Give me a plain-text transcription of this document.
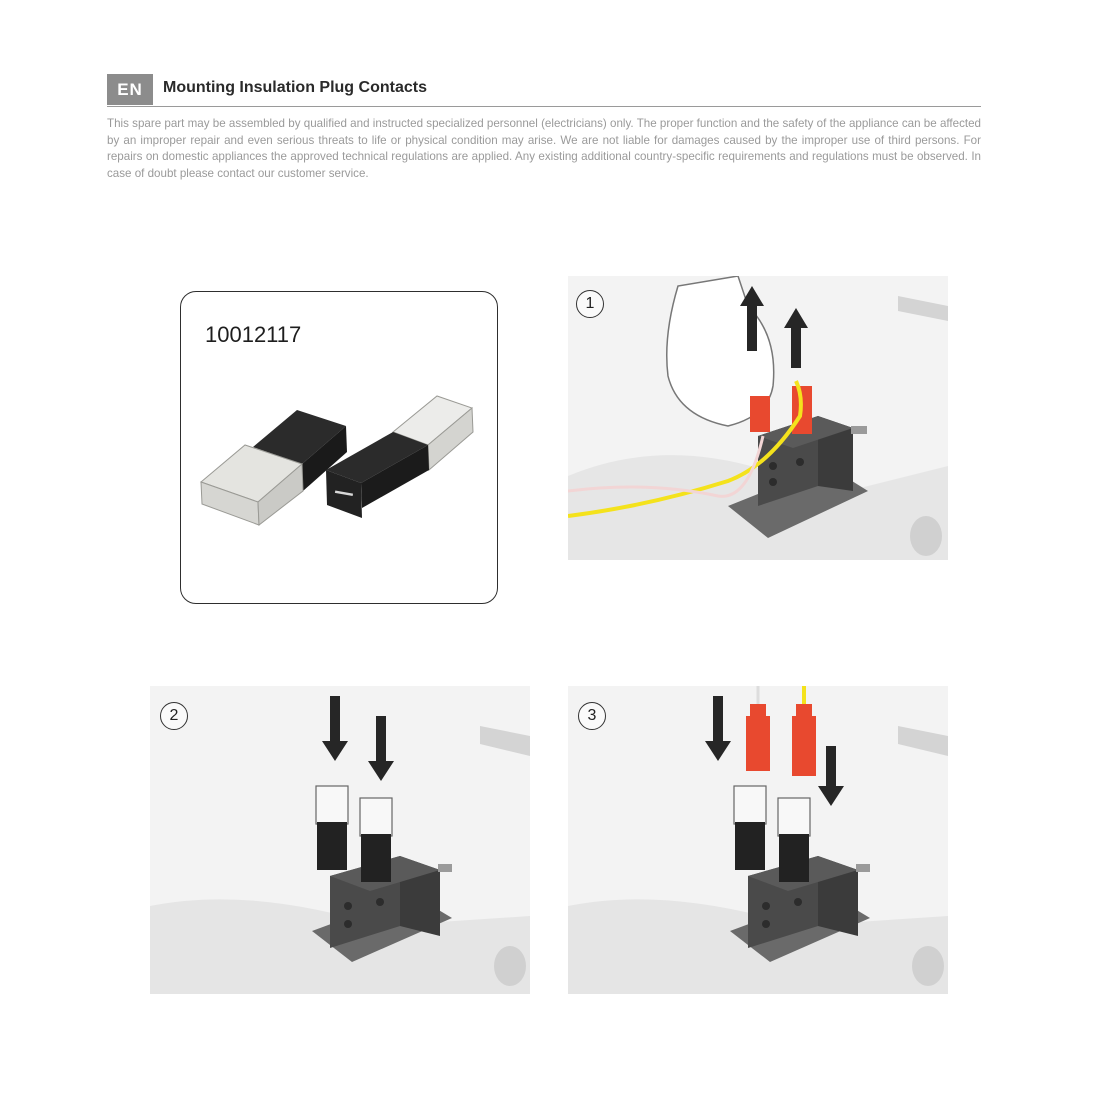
EN	Mounting Insulation Plug Contacts

This spare part may be assembled by qualified and instructed specialized personnel (electricians) only. The proper function and the safety of the appliance can be affected by an improper repair and even serious threats to life or physical condition may arise. We are not liable for damages caused by the improper use of third persons. For repairs on domestic appliances the approved technical regulations are applied. Any existing additional country-specific requirements and regulations must be observed. In case of doubt please contact our customer service.

10012117
1
2	3
